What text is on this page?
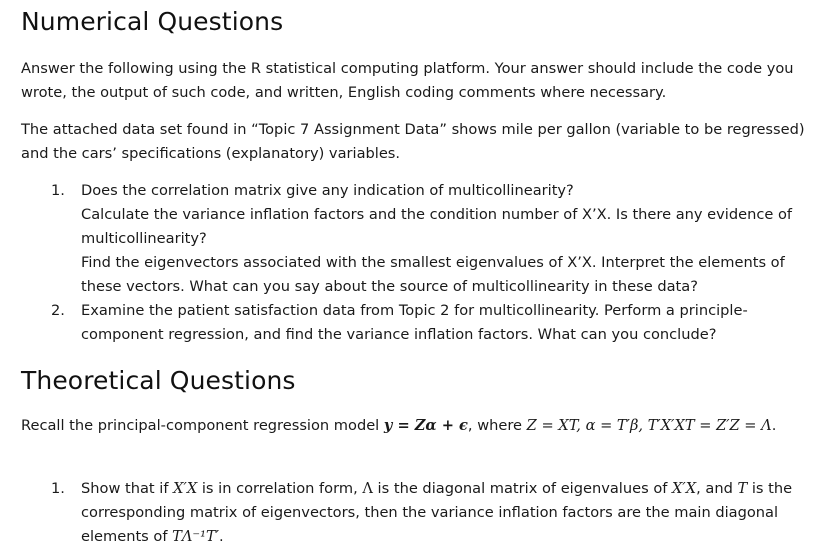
Numerical Questions

Answer the following using the R statistical computing platform. Your answer should include the code you wrote, the output of such code, and written, English coding comments where necessary.

The attached data set found in “Topic 7 Assignment Data” shows mile per gallon (variable to be regressed) and the cars’ specifications (explanatory) variables.

1. Does the correlation matrix give any indication of multicollinearity?
Calculate the variance inflation factors and the condition number of X’X. Is there any evidence of multicollinearity?
Find the eigenvectors associated with the smallest eigenvalues of X’X. Interpret the elements of these vectors. What can you say about the source of multicollinearity in these data?
2. Examine the patient satisfaction data from Topic 2 for multicollinearity. Perform a principle-component regression, and find the variance inflation factors. What can you conclude?
Theoretical Questions

Recall the principal-component regression model y = Zα + ϵ, where Z = XT, α = T′β, T′X′XT = Z′Z = Λ.

1. Show that if X′X is in correlation form, Λ is the diagonal matrix of eigenvalues of X′X, and T is the corresponding matrix of eigenvectors, then the variance inflation factors are the main diagonal elements of TΛ⁻¹T′.
